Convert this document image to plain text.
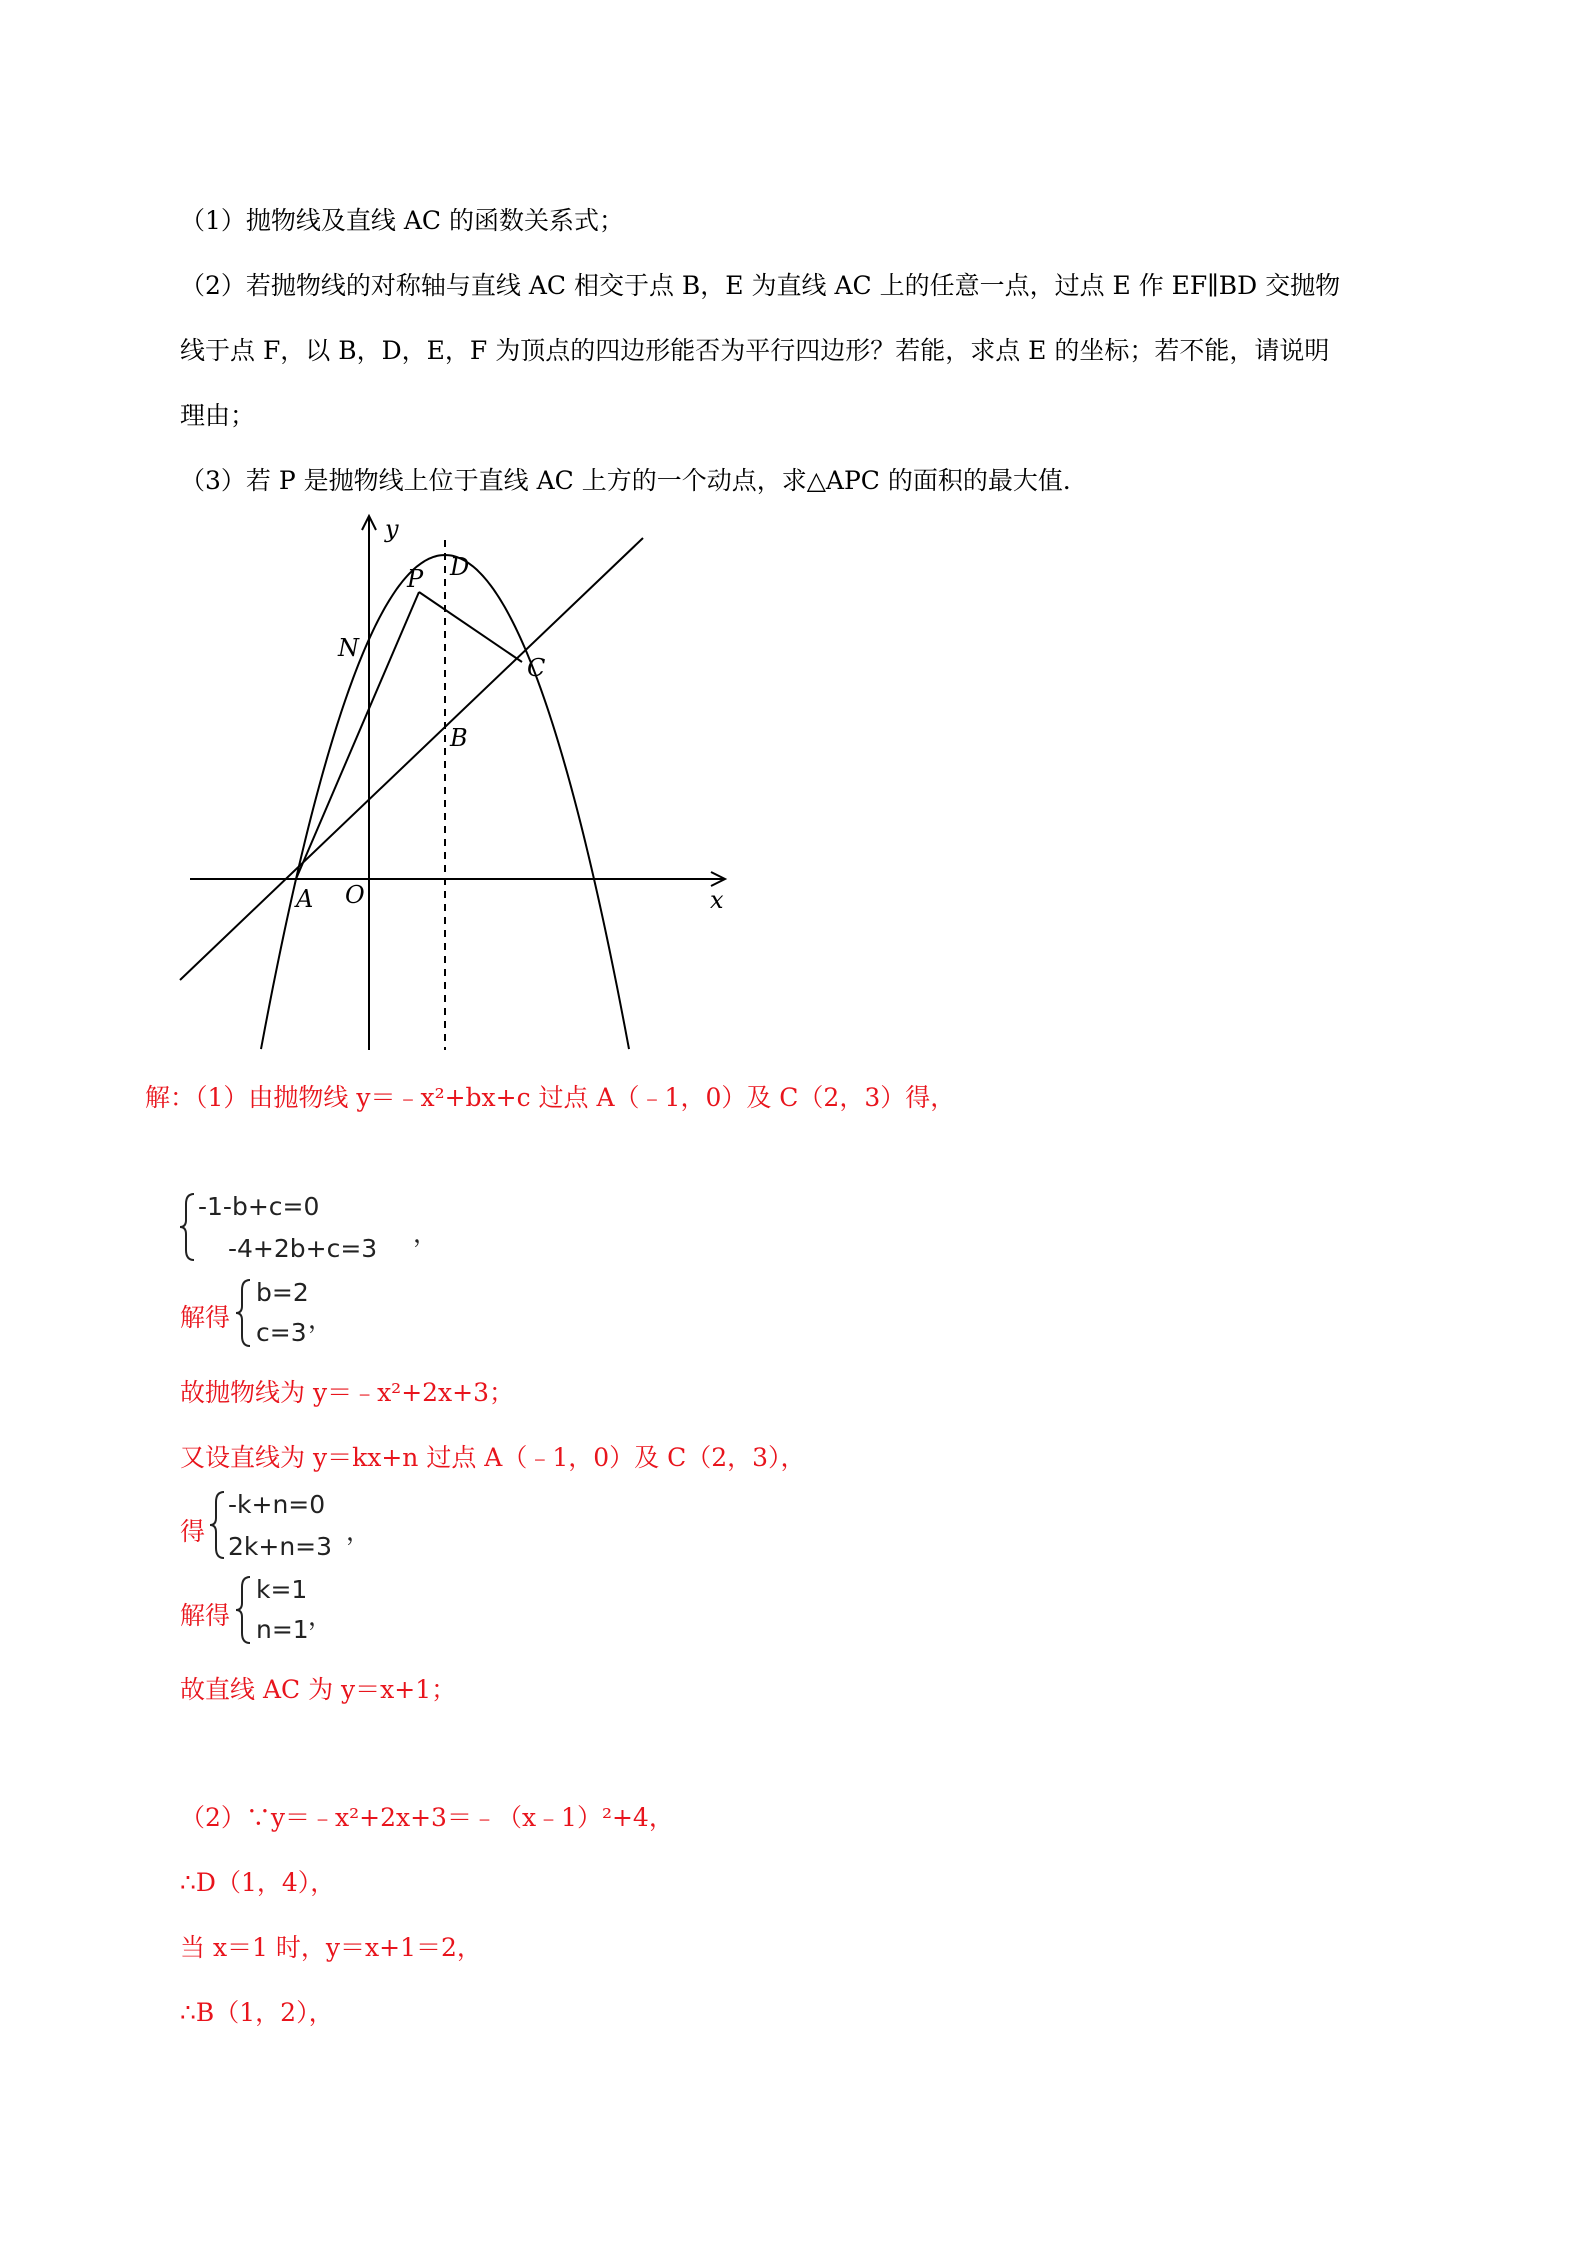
（1）抛物线及直线 AC 的函数关系式；
（2）若抛物线的对称轴与直线 AC 相交于点 B，E 为直线 AC 上的任意一点，过点 E 作 EF∥BD 交抛物
线于点 F，以 B，D，E，F 为顶点的四边形能否为平行四边形？若能，求点 E 的坐标；若不能，请说明
理由；
（3）若 P 是抛物线上位于直线 AC 上方的一个动点，求△APC 的面积的最大值．
y
x
P D
N
C
B
A O
解：（1）由抛物线 y＝﹣x²+bx+c 过点 A（﹣1，0）及 C（2，3）得，
-1-b+c=0
-4+2b+c=3
，
解得
b=2
c=3 ，
故抛物线为 y＝﹣x²+2x+3；
又设直线为 y＝kx+n 过点 A（﹣1，0）及 C（2，3），
得
-k+n=0
2k+n=3
，
解得
k=1
n=1 ，
故直线 AC 为 y＝x+1；
（2）∵y＝﹣x²+2x+3＝﹣（x﹣1）²+4，
∴D（1，4），
当 x＝1 时，y＝x+1＝2，
∴B（1，2），
